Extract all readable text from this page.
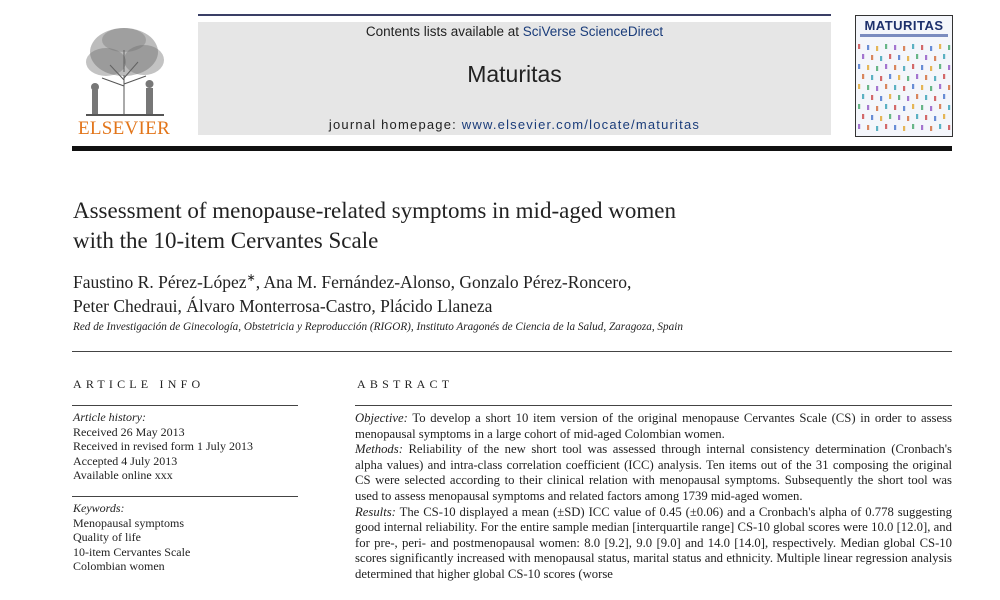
ELSEVIER
Contents lists available at SciVerse ScienceDirect
Maturitas
journal homepage: www.elsevier.com/locate/maturitas
MATURITAS
Assessment of menopause-related symptoms in mid-aged women
with the 10-item Cervantes Scale
Faustino R. Pérez-López∗, Ana M. Fernández-Alonso, Gonzalo Pérez-Roncero,
Peter Chedraui, Álvaro Monterrosa-Castro, Plácido Llaneza
Red de Investigación de Ginecología, Obstetricia y Reproducción (RIGOR), Instituto Aragonés de Ciencia de la Salud, Zaragoza, Spain
ARTICLE INFO
Article history:
Received 26 May 2013
Received in revised form 1 July 2013
Accepted 4 July 2013
Available online xxx
Keywords:
Menopausal symptoms
Quality of life
10-item Cervantes Scale
Colombian women
ABSTRACT

Objective: To develop a short 10 item version of the original menopause Cervantes Scale (CS) in order to assess menopausal symptoms in a large cohort of mid-aged Colombian women.

Methods: Reliability of the new short tool was assessed through internal consistency determination (Cronbach's alpha values) and intra-class correlation coefficient (ICC) analysis. Ten items out of the 31 composing the original CS were selected according to their clinical relation with menopausal symptoms. Subsequently the short tool was used to assess menopausal symptoms and related factors among 1739 mid-aged women.

Results: The CS-10 displayed a mean (±SD) ICC value of 0.45 (±0.06) and a Cronbach's alpha of 0.778 suggesting good internal reliability. For the entire sample median [interquartile range] CS-10 global scores were 10.0 [12.0], and for pre-, peri- and postmenopausal women: 8.0 [9.2], 9.0 [9.0] and 14.0 [14.0], respectively. Median global CS-10 scores significantly increased with menopausal status, marital status and ethnicity. Multiple linear regression analysis determined that higher global CS-10 scores (worse
